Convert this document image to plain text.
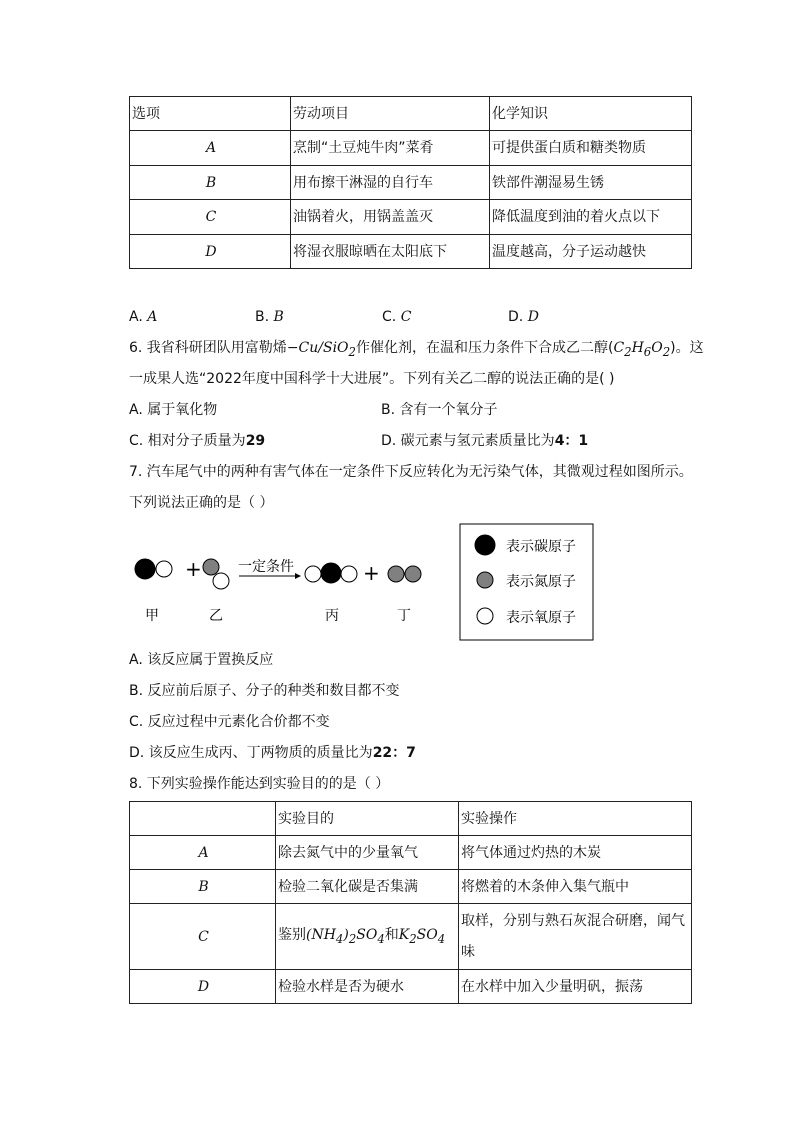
选项	劳动项目	化学知识
A	烹制“土豆炖牛肉”菜肴	可提供蛋白质和糖类物质
B	用布擦干淋湿的自行车	铁部件潮湿易生锈
C	油锅着火，用锅盖盖灭	降低温度到油的着火点以下
D	将湿衣服晾晒在太阳底下	温度越高，分子运动越快
A. A	B. B	C. C	D. D
6. 我省科研团队用富勒烯−Cu/SiO$_2$作催化剂，在温和压力条件下合成乙二醇$(C_2H_6O_2)$。这
一成果人选“2022年度中国科学十大进展”。下列有关乙二醇的说法正确的是( )
A. 属于氧化物	B. 含有一个氧分子
C. 相对分子质量为29	D. 碳元素与氢元素质量比为4：1
7. 汽车尾气中的两种有害气体在一定条件下反应转化为无污染气体，其微观过程如图所示。
下列说法正确的是（ ）
+	一定条件	+
甲	乙	丙	丁
表示碳原子
表示氮原子
表示氧原子
A. 该反应属于置换反应
B. 反应前后原子、分子的种类和数目都不变
C. 反应过程中元素化合价都不变
D. 该反应生成丙、丁两物质的质量比为22：7
8. 下列实验操作能达到实验目的的是（ ）
	实验目的	实验操作
A	除去氮气中的少量氧气	将气体通过灼热的木炭
B	检验二氧化碳是否集满	将燃着的木条伸入集气瓶中
C	鉴别$(NH_4)_2SO_4$和$K_2SO_4$	取样，分别与熟石灰混合研磨，闻气
味
D	检验水样是否为硬水	在水样中加入少量明矾，振荡
